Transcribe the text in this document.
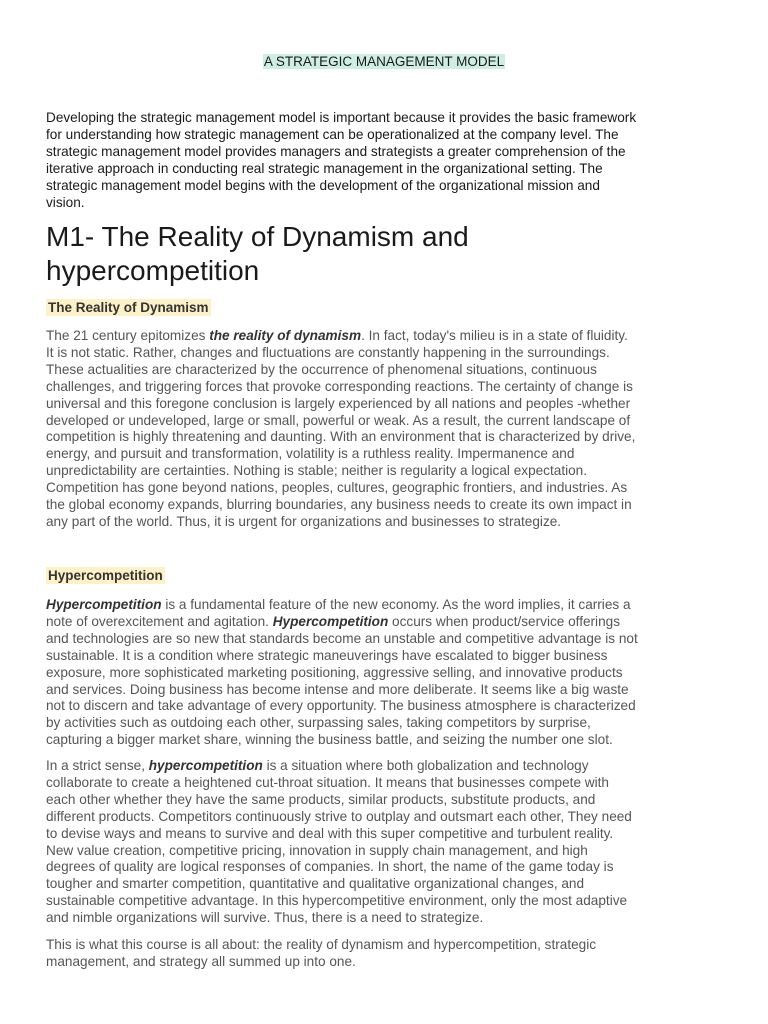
A STRATEGIC MANAGEMENT MODEL
Developing the strategic management model is important because it provides the basic framework
for understanding how strategic management can be operationalized at the company level. The
strategic management model provides managers and strategists a greater comprehension of the
iterative approach in conducting real strategic management in the organizational setting. The
strategic management model begins with the development of the organizational mission and
vision.
M1- The Reality of Dynamism and
hypercompetition
The Reality of Dynamism
The 21 century epitomizes the reality of dynamism. In fact, today's milieu is in a state of fluidity.
It is not static. Rather, changes and fluctuations are constantly happening in the surroundings.
These actualities are characterized by the occurrence of phenomenal situations, continuous
challenges, and triggering forces that provoke corresponding reactions. The certainty of change is
universal and this foregone conclusion is largely experienced by all nations and peoples -whether
developed or undeveloped, large or small, powerful or weak. As a result, the current landscape of
competition is highly threatening and daunting. With an environment that is characterized by drive,
energy, and pursuit and transformation, volatility is a ruthless reality. Impermanence and
unpredictability are certainties. Nothing is stable; neither is regularity a logical expectation.
Competition has gone beyond nations, peoples, cultures, geographic frontiers, and industries. As
the global economy expands, blurring boundaries, any business needs to create its own impact in
any part of the world. Thus, it is urgent for organizations and businesses to strategize.
Hypercompetition
Hypercompetition is a fundamental feature of the new economy. As the word implies, it carries a
note of overexcitement and agitation. Hypercompetition occurs when product/service offerings
and technologies are so new that standards become an unstable and competitive advantage is not
sustainable. It is a condition where strategic maneuverings have escalated to bigger business
exposure, more sophisticated marketing positioning, aggressive selling, and innovative products
and services. Doing business has become intense and more deliberate. It seems like a big waste
not to discern and take advantage of every opportunity. The business atmosphere is characterized
by activities such as outdoing each other, surpassing sales, taking competitors by surprise,
capturing a bigger market share, winning the business battle, and seizing the number one slot.
In a strict sense, hypercompetition is a situation where both globalization and technology
collaborate to create a heightened cut-throat situation. It means that businesses compete with
each other whether they have the same products, similar products, substitute products, and
different products. Competitors continuously strive to outplay and outsmart each other, They need
to devise ways and means to survive and deal with this super competitive and turbulent reality.
New value creation, competitive pricing, innovation in supply chain management, and high
degrees of quality are logical responses of companies. In short, the name of the game today is
tougher and smarter competition, quantitative and qualitative organizational changes, and
sustainable competitive advantage. In this hypercompetitive environment, only the most adaptive
and nimble organizations will survive. Thus, there is a need to strategize.
This is what this course is all about: the reality of dynamism and hypercompetition, strategic
management, and strategy all summed up into one.
